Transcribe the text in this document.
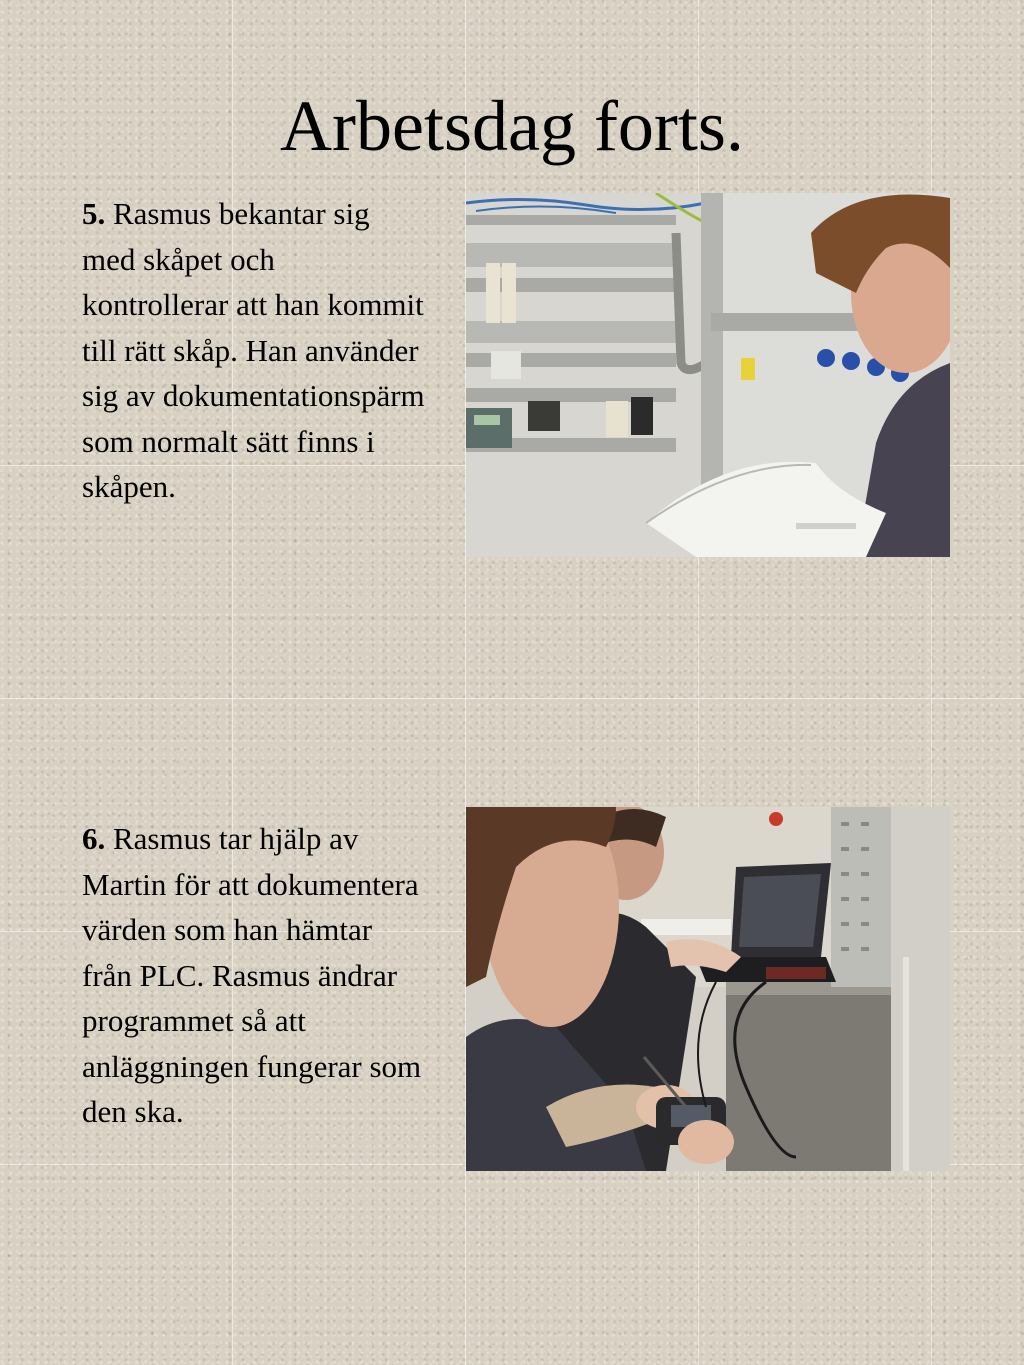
Arbetsdag forts.
5. Rasmus bekantar sig med skåpet och kontrollerar att han kommit till rätt skåp. Han använder sig av dokumentationspärm som normalt sätt finns i skåpen.
6. Rasmus tar hjälp av Martin för att dokumentera värden som han hämtar från PLC. Rasmus ändrar programmet så att anläggningen fungerar som den ska.
